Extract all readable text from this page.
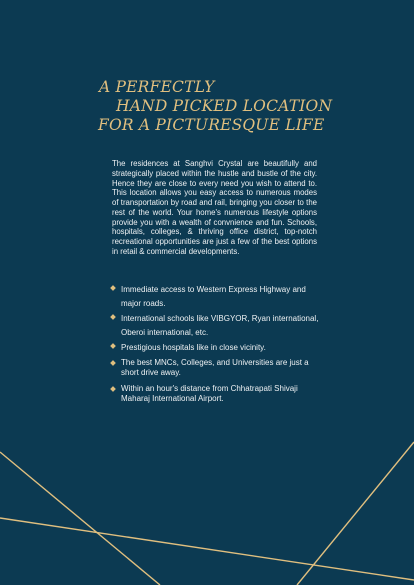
A PERFECTLY
HAND PICKED LOCATION
FOR A PICTURESQUE LIFE

The residences at Sanghvi Crystal are beautifully and strategically placed within the hustle and bustle of the city. Hence they are close to every need you wish to attend to. This location allows you easy access to numerous modes of transportation by road and rail, bringing you closer to the rest of the world. Your home's numerous lifestyle options provide you with a wealth of convnience and fun. Schools, hospitals, colleges, & thriving office district, top-notch recreational opportunities are just a few of the best options in retail & commercial developments.

Immediate access to Western Express Highway and major roads.
International schools like VIBGYOR, Ryan international, Oberoi international, etc.
Prestigious hospitals like in close vicinity.
The best MNCs, Colleges, and Universities are just a short drive away.
Within an hour's distance from Chhatrapati Shivaji Maharaj International Airport.
